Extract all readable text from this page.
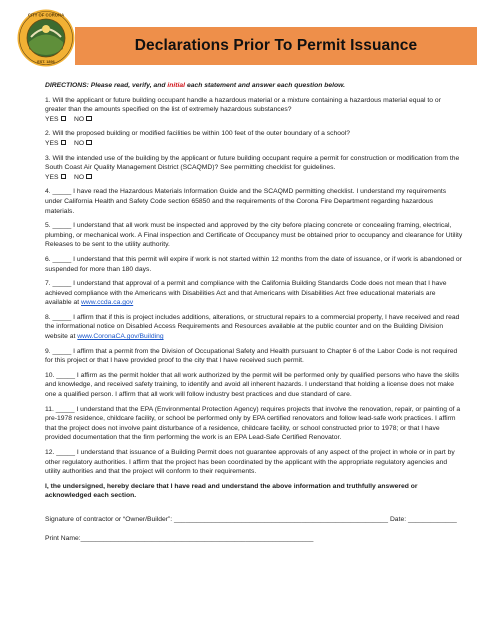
CITY OF CORONA
EST. 1896
Declarations Prior To Permit Issuance
DIRECTIONS: Please read, verify, and initial each statement and answer each question below.
1. Will the applicant or future building occupant handle a hazardous material or a mixture containing a hazardous material equal to or greater than the amounts specified on the list of extremely hazardous substances?
YES NO
2. Will the proposed building or modified facilities be within 100 feet of the outer boundary of a school?
YES NO
3. Will the intended use of the building by the applicant or future building occupant require a permit for construction or modification from the South Coast Air Quality Management District (SCAQMD)? See permitting checklist for guidelines.
YES NO
4. _____ I have read the Hazardous Materials Information Guide and the SCAQMD permitting checklist. I understand my requirements under California Health and Safety Code section 65850 and the requirements of the Corona Fire Department regarding hazardous materials.
5. _____ I understand that all work must be inspected and approved by the city before placing concrete or concealing framing, electrical, plumbing, or mechanical work. A Final inspection and Certificate of Occupancy must be obtained prior to occupancy and clearance for Utility Releases to be sent to the utility authority.
6. _____ I understand that this permit will expire if work is not started within 12 months from the date of issuance, or if work is abandoned or suspended for more than 180 days.
7. _____ I understand that approval of a permit and compliance with the California Building Standards Code does not mean that I have achieved compliance with the Americans with Disabilities Act and that Americans with Disabilities Act free educational materials are available at www.ccda.ca.gov
8. _____ I affirm that if this is project includes additions, alterations, or structural repairs to a commercial property, I have received and read the informational notice on Disabled Access Requirements and Resources available at the public counter and on the Building Division website at www.CoronaCA.gov/Building
9. _____ I affirm that a permit from the Division of Occupational Safety and Health pursuant to Chapter 6 of the Labor Code is not required for this project or that I have provided proof to the city that I have received such permit.
10. _____ I affirm as the permit holder that all work authorized by the permit will be performed only by qualified persons who have the skills and knowledge, and received safety training, to identify and avoid all inherent hazards. I understand that holding a license does not make one a qualified person. I affirm that all work will follow industry best practices and due standard of care.
11. _____ I understand that the EPA (Environmental Protection Agency) requires projects that involve the renovation, repair, or painting of a pre-1978 residence, childcare facility, or school be performed only by EPA certified renovators and follow lead-safe work practices. I affirm that the project does not involve paint disturbance of a residence, childcare facility, or school constructed prior to 1978; or that I have provided documentation that the firm performing the work is an EPA Lead-Safe Certified Renovator.
12. _____ I understand that issuance of a Building Permit does not guarantee approvals of any aspect of the project in whole or in part by other regulatory authorities. I affirm that the project has been coordinated by the applicant with the appropriate regulatory agencies and utility authorities and that the project will conform to their requirements.
I, the undersigned, hereby declare that I have read and understand the above information and truthfully answered or acknowledged each section.
Signature of contractor or “Owner/Builder”: _________________________________________________________ Date: _____________
Print Name:______________________________________________________________
